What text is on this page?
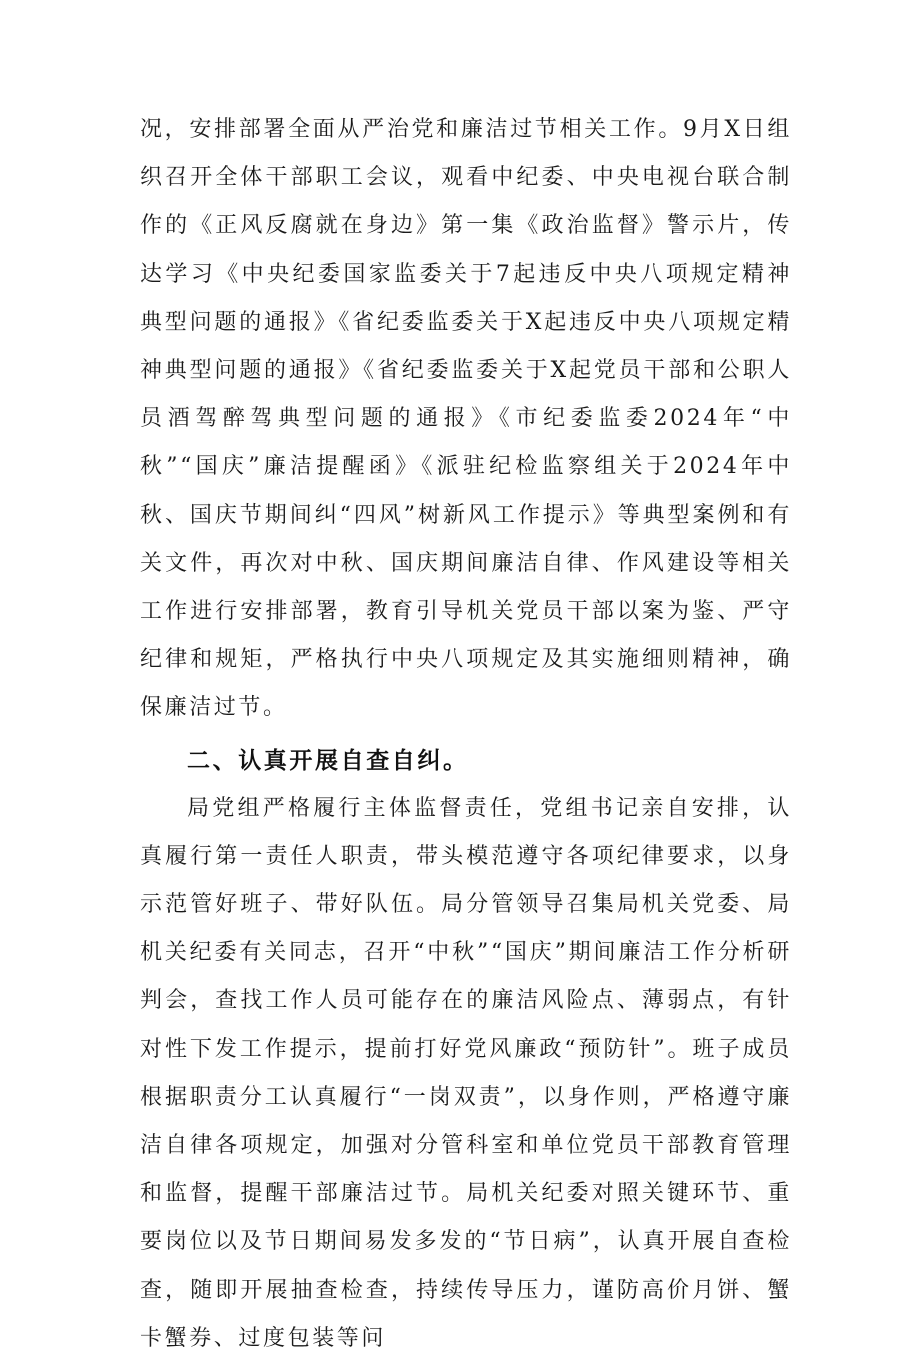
况，安排部署全面从严治党和廉洁过节相关工作。9月X日组织召开全体干部职工会议，观看中纪委、中央电视台联合制作的《正风反腐就在身边》第一集《政治监督》警示片，传达学习《中央纪委国家监委关于7起违反中央八项规定精神典型问题的通报》《省纪委监委关于X起违反中央八项规定精神典型问题的通报》《省纪委监委关于X起党员干部和公职人员酒驾醉驾典型问题的通报》《市纪委监委2024年“中秋”“国庆”廉洁提醒函》《派驻纪检监察组关于2024年中秋、国庆节期间纠“四风”树新风工作提示》等典型案例和有关文件，再次对中秋、国庆期间廉洁自律、作风建设等相关工作进行安排部署，教育引导机关党员干部以案为鉴、严守纪律和规矩，严格执行中央八项规定及其实施细则精神，确保廉洁过节。

二、认真开展自查自纠。

局党组严格履行主体监督责任，党组书记亲自安排，认真履行第一责任人职责，带头模范遵守各项纪律要求，以身示范管好班子、带好队伍。局分管领导召集局机关党委、局机关纪委有关同志，召开“中秋”“国庆”期间廉洁工作分析研判会，查找工作人员可能存在的廉洁风险点、薄弱点，有针对性下发工作提示，提前打好党风廉政“预防针”。班子成员根据职责分工认真履行“一岗双责”，以身作则，严格遵守廉洁自律各项规定，加强对分管科室和单位党员干部教育管理和监督，提醒干部廉洁过节。局机关纪委对照关键环节、重要岗位以及节日期间易发多发的“节日病”，认真开展自查检查，随即开展抽查检查，持续传导压力，谨防高价月饼、蟹卡蟹券、过度包装等问
